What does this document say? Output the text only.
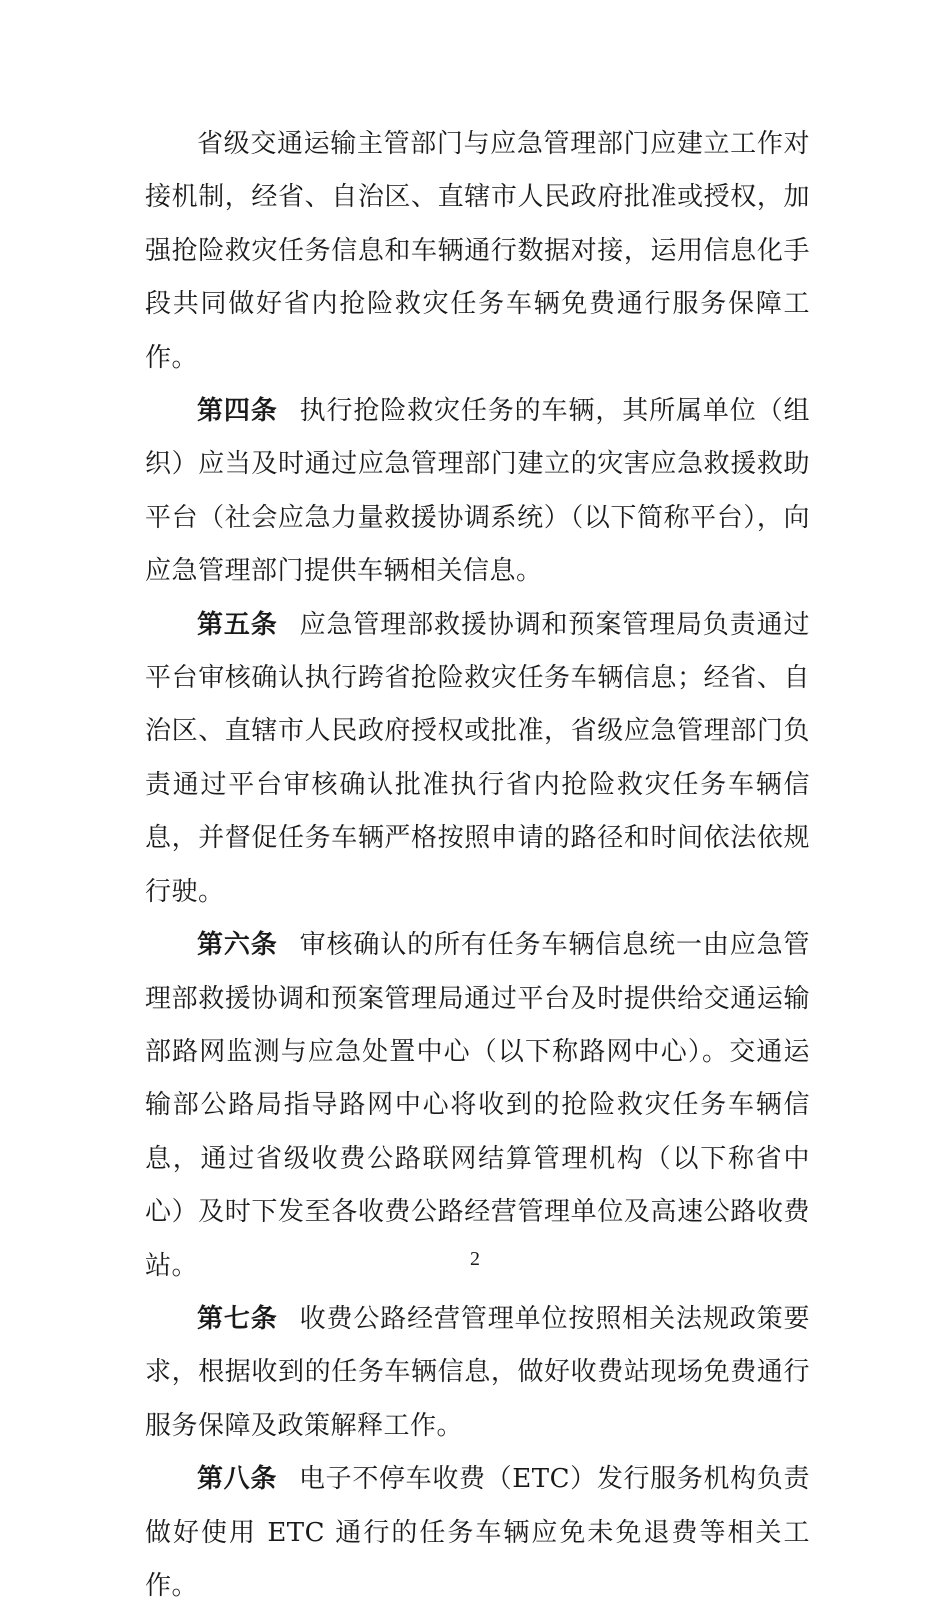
省级交通运输主管部门与应急管理部门应建立工作对接机制，经省、自治区、直辖市人民政府批准或授权，加强抢险救灾任务信息和车辆通行数据对接，运用信息化手段共同做好省内抢险救灾任务车辆免费通行服务保障工作。

第四条 执行抢险救灾任务的车辆，其所属单位（组织）应当及时通过应急管理部门建立的灾害应急救援救助平台（社会应急力量救援协调系统）（以下简称平台），向应急管理部门提供车辆相关信息。

第五条 应急管理部救援协调和预案管理局负责通过平台审核确认执行跨省抢险救灾任务车辆信息；经省、自治区、直辖市人民政府授权或批准，省级应急管理部门负责通过平台审核确认批准执行省内抢险救灾任务车辆信息，并督促任务车辆严格按照申请的路径和时间依法依规行驶。

第六条 审核确认的所有任务车辆信息统一由应急管理部救援协调和预案管理局通过平台及时提供给交通运输部路网监测与应急处置中心（以下称路网中心）。交通运输部公路局指导路网中心将收到的抢险救灾任务车辆信息，通过省级收费公路联网结算管理机构（以下称省中心）及时下发至各收费公路经营管理单位及高速公路收费站。

第七条 收费公路经营管理单位按照相关法规政策要求，根据收到的任务车辆信息，做好收费站现场免费通行服务保障及政策解释工作。

第八条 电子不停车收费（ETC）发行服务机构负责做好使用 ETC 通行的任务车辆应免未免退费等相关工作。

2
